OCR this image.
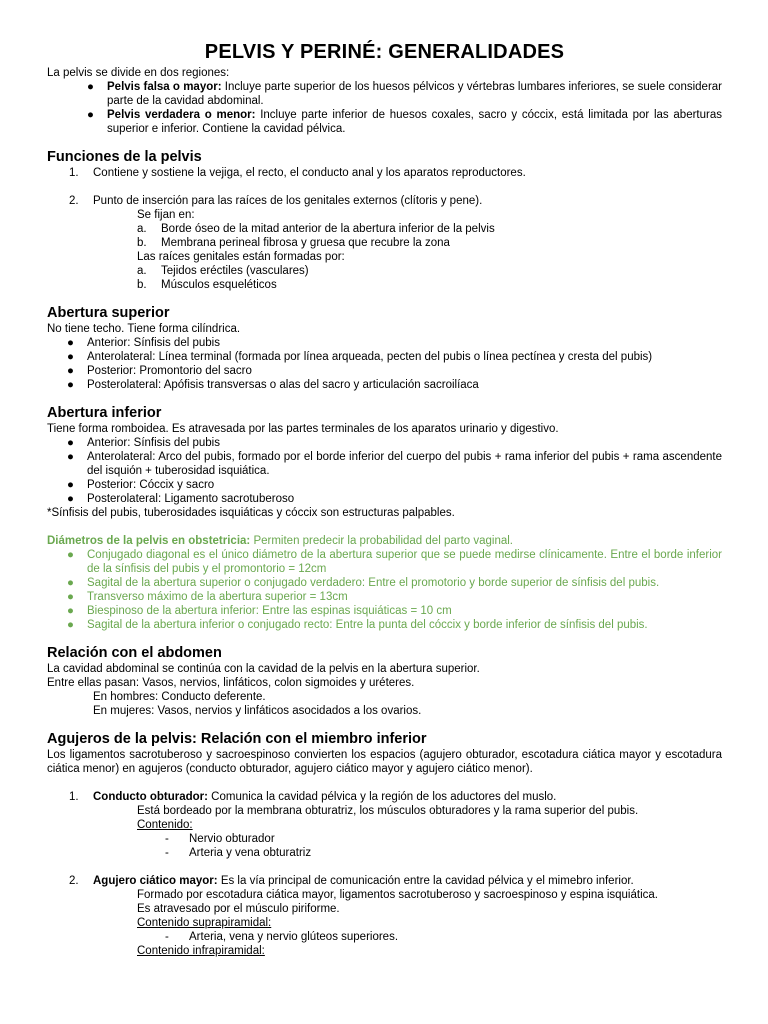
PELVIS Y PERINÉ: GENERALIDADES
La pelvis se divide en dos regiones:
●	Pelvis falsa o mayor: Incluye parte superior de los huesos pélvicos y vértebras lumbares inferiores, se suele considerar parte de la cavidad abdominal.
●	Pelvis verdadera o menor: Incluye parte inferior de huesos coxales, sacro y cóccix, está limitada por las aberturas superior e inferior. Contiene la cavidad pélvica.
Funciones de la pelvis
1.	Contiene y sostiene la vejiga, el recto, el conducto anal y los aparatos reproductores.
2.	Punto de inserción para las raíces de los genitales externos (clítoris y pene).
Se fijan en:
a.	Borde óseo de la mitad anterior de la abertura inferior de la pelvis
b.	Membrana perineal fibrosa y gruesa que recubre la zona
Las raíces genitales están formadas por:
a.	Tejidos eréctiles (vasculares)
b.	Músculos esqueléticos
Abertura superior
No tiene techo. Tiene forma cilíndrica.
●	Anterior: Sínfisis del pubis
●	Anterolateral: Línea terminal (formada por línea arqueada, pecten del pubis o línea pectínea y cresta del pubis)
●	Posterior: Promontorio del sacro
●	Posterolateral: Apófisis transversas o alas del sacro y articulación sacroilíaca
Abertura inferior
Tiene forma romboidea. Es atravesada por las partes terminales de los aparatos urinario y digestivo.
●	Anterior: Sínfisis del pubis
●	Anterolateral: Arco del pubis, formado por el borde inferior del cuerpo del pubis + rama inferior del pubis + rama ascendente del isquión + tuberosidad isquiática.
●	Posterior: Cóccix y sacro
●	Posterolateral: Ligamento sacrotuberoso
*Sínfisis del pubis, tuberosidades isquiáticas y cóccix son estructuras palpables.
Diámetros de la pelvis en obstetricia: Permiten predecir la probabilidad del parto vaginal.
●	Conjugado diagonal es el único diámetro de la abertura superior que se puede medirse clínicamente. Entre el borde inferior de la sínfisis del pubis y el promontorio = 12cm
●	Sagital de la abertura superior o conjugado verdadero: Entre el promotorio y borde superior de sínfisis del pubis.
●	Transverso máximo de la abertura superior = 13cm
●	Biespinoso de la abertura inferior: Entre las espinas isquiáticas = 10 cm
●	Sagital de la abertura inferior o conjugado recto: Entre la punta del cóccix y borde inferior de sínfisis del pubis.
Relación con el abdomen
La cavidad abdominal se continúa con la cavidad de la pelvis en la abertura superior.
Entre ellas pasan: Vasos, nervios, linfáticos, colon sigmoides y uréteres.
En hombres: Conducto deferente.
En mujeres: Vasos, nervios y linfáticos asocidados a los ovarios.
Agujeros de la pelvis: Relación con el miembro inferior
Los ligamentos sacrotuberoso y sacroespinoso convierten los espacios (agujero obturador, escotadura ciática mayor y escotadura ciática menor) en agujeros (conducto obturador, agujero ciático mayor y agujero ciático menor).
1.	Conducto obturador: Comunica la cavidad pélvica y la región de los aductores del muslo.
Está bordeado por la membrana obturatriz, los músculos obturadores y la rama superior del pubis.
Contenido:
-	Nervio obturador
-	Arteria y vena obturatriz
2.	Agujero ciático mayor: Es la vía principal de comunicación entre la cavidad pélvica y el mimebro inferior.
Formado por escotadura ciática mayor, ligamentos sacrotuberoso y sacroespinoso y espina isquiática.
Es atravesado por el músculo piriforme.
Contenido suprapiramidal:
-	Arteria, vena y nervio glúteos superiores.
Contenido infrapiramidal:
